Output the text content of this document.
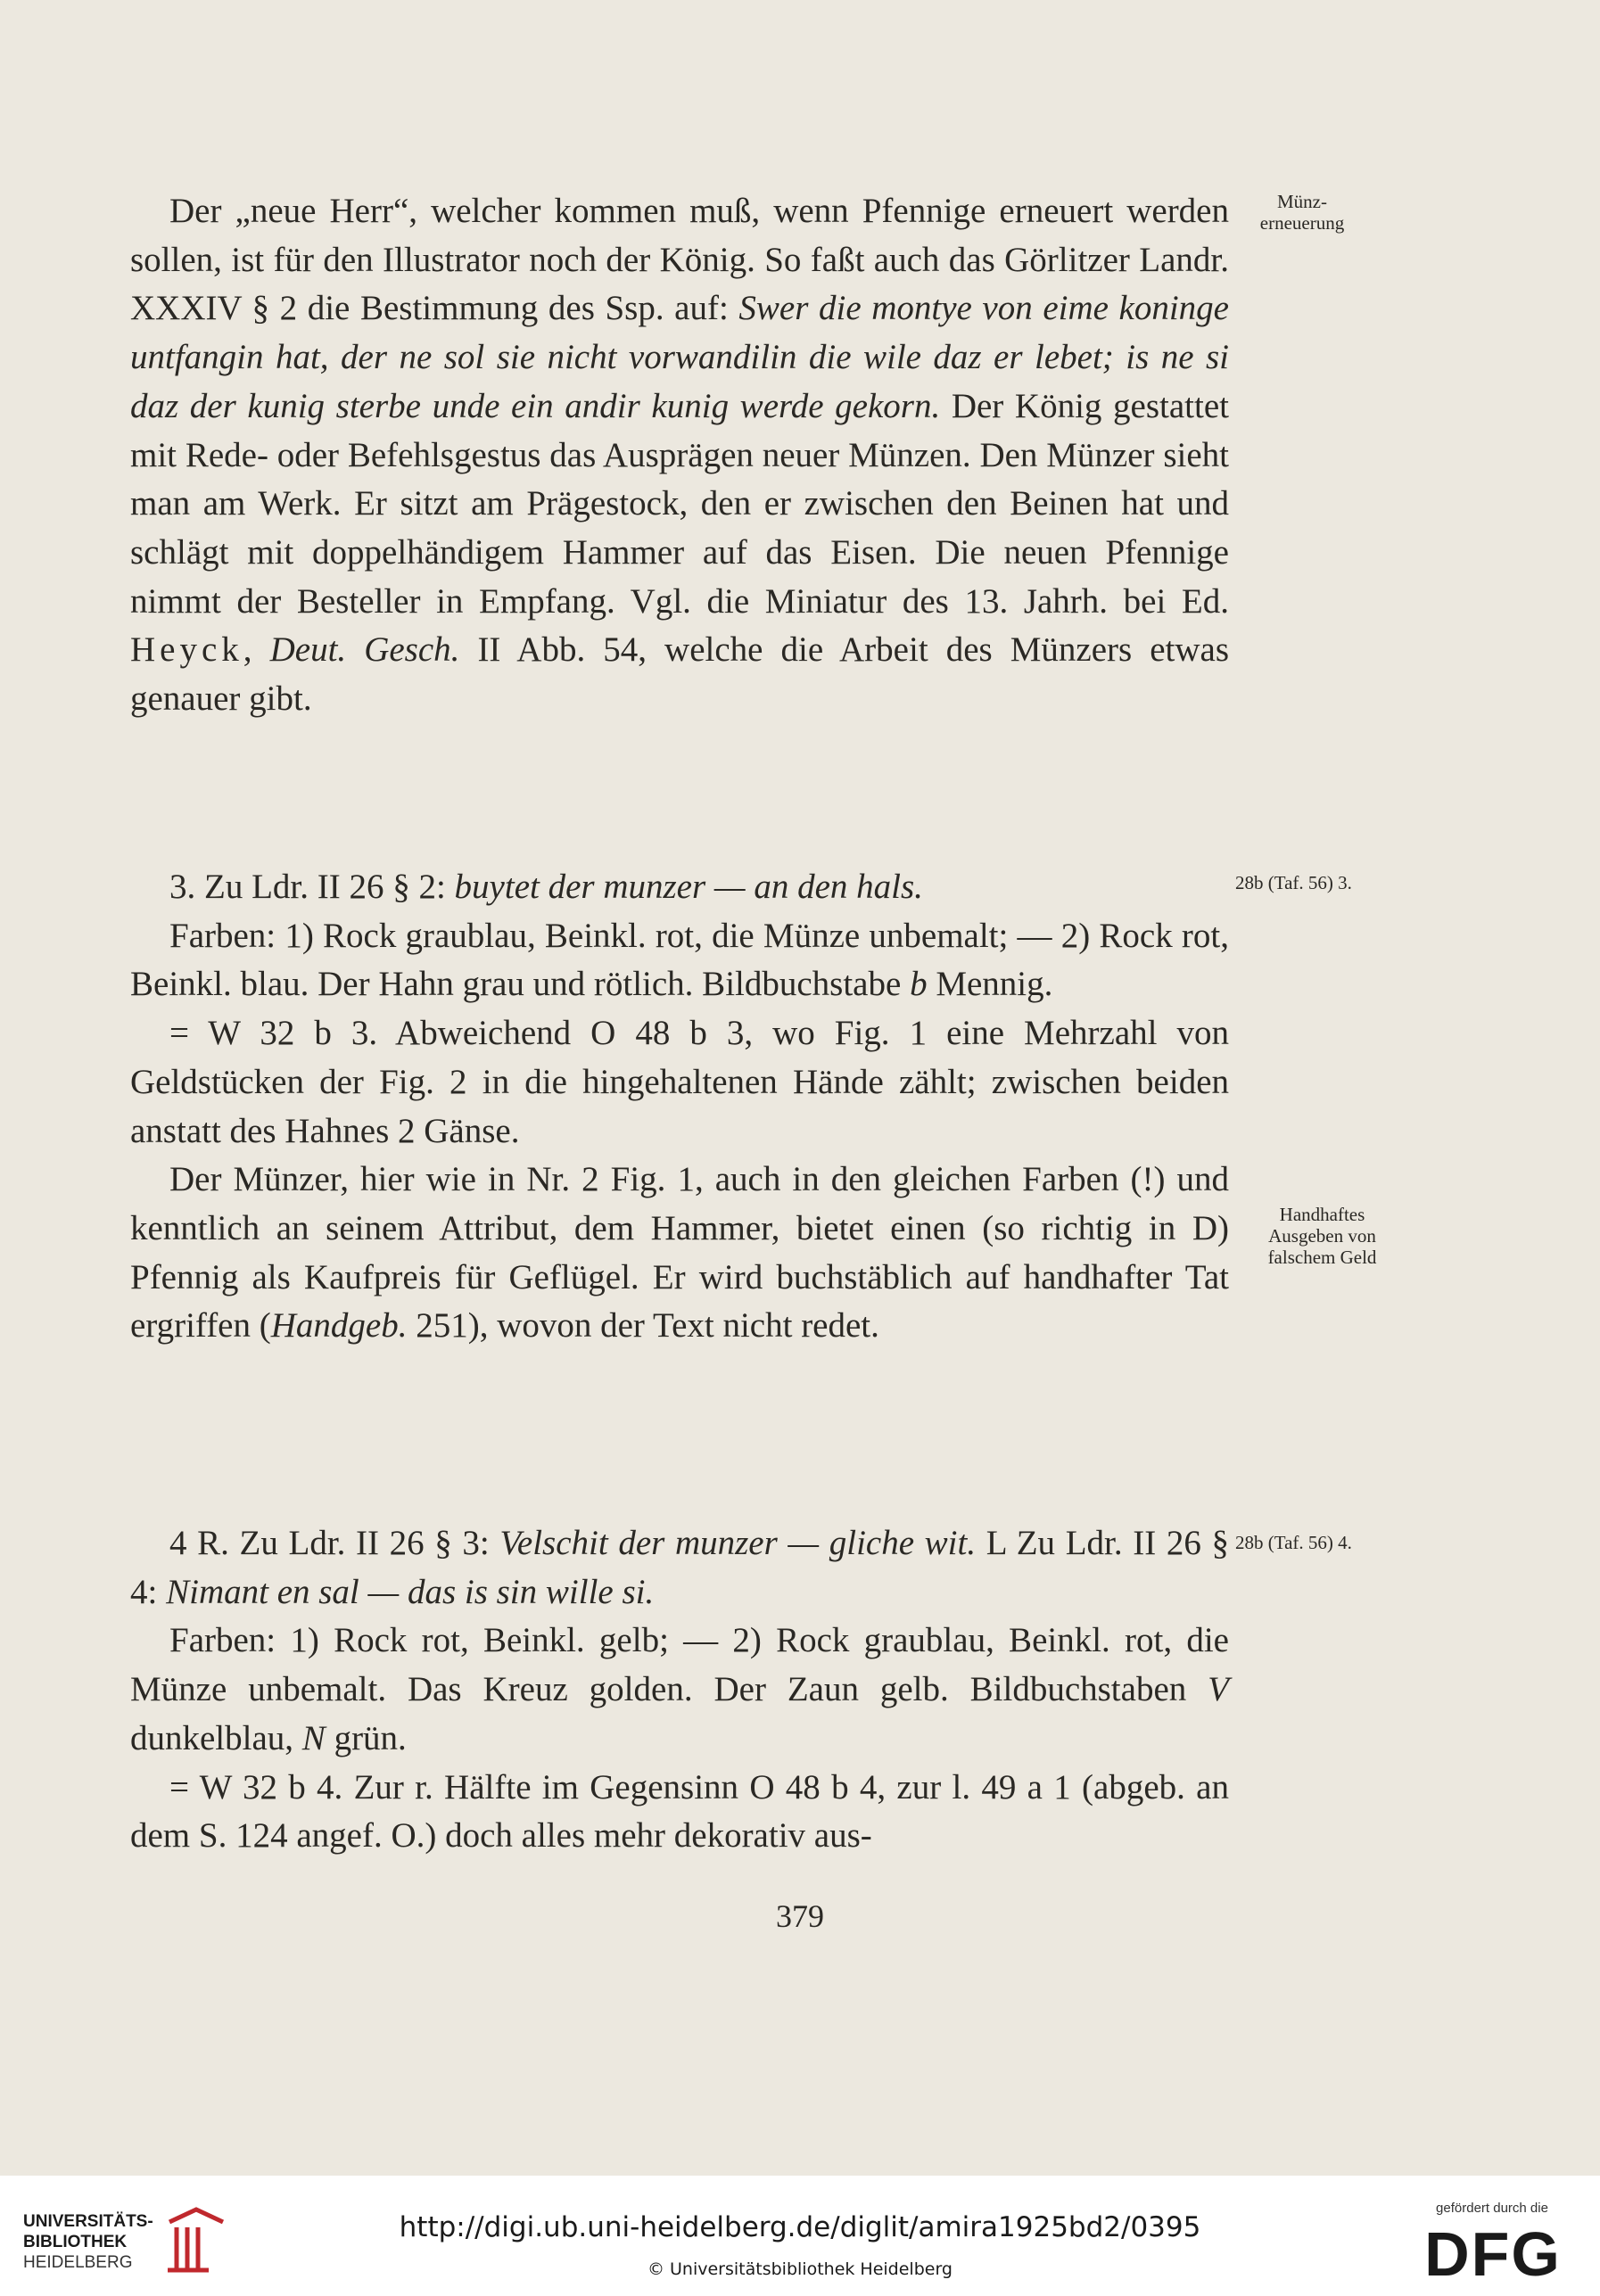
Münz-
erneuerung
28b (Taf. 56) 3.
Handhaftes
Ausgeben von
falschem Geld
28b (Taf. 56) 4.

Der „neue Herr“, welcher kommen muß, wenn Pfennige erneuert werden sollen, ist für den Illustrator noch der König. So faßt auch das Görlitzer Landr. XXXIV § 2 die Bestimmung des Ssp. auf: Swer die montye von eime koninge untfangin hat, der ne sol sie nicht vorwandilin die wile daz er lebet; is ne si daz der kunig sterbe unde ein andir kunig werde gekorn. Der König gestattet mit Rede- oder Befehlsgestus das Ausprägen neuer Münzen. Den Münzer sieht man am Werk. Er sitzt am Prägestock, den er zwischen den Beinen hat und schlägt mit doppelhändigem Hammer auf das Eisen. Die neuen Pfennige nimmt der Besteller in Empfang. Vgl. die Miniatur des 13. Jahrh. bei Ed. Heyck, Deut. Gesch. II Abb. 54, welche die Arbeit des Münzers etwas genauer gibt.

3. Zu Ldr. II 26 § 2: buytet der munzer — an den hals.

Farben: 1) Rock graublau, Beinkl. rot, die Münze unbemalt; — 2) Rock rot, Beinkl. blau. Der Hahn grau und rötlich. Bildbuchstabe b Mennig.

= W 32 b 3. Abweichend O 48 b 3, wo Fig. 1 eine Mehrzahl von Geldstücken der Fig. 2 in die hingehaltenen Hände zählt; zwischen beiden anstatt des Hahnes 2 Gänse.

Der Münzer, hier wie in Nr. 2 Fig. 1, auch in den gleichen Farben (!) und kenntlich an seinem Attribut, dem Hammer, bietet einen (so richtig in D) Pfennig als Kaufpreis für Geflügel. Er wird buchstäblich auf handhafter Tat ergriffen (Handgeb. 251), wovon der Text nicht redet.

4 R. Zu Ldr. II 26 § 3: Velschit der munzer — gliche wit. L Zu Ldr. II 26 § 4: Nimant en sal — das is sin wille si.

Farben: 1) Rock rot, Beinkl. gelb; — 2) Rock graublau, Beinkl. rot, die Münze unbemalt. Das Kreuz golden. Der Zaun gelb. Bildbuchstaben V dunkelblau, N grün.

= W 32 b 4. Zur r. Hälfte im Gegensinn O 48 b 4, zur l. 49 a 1 (abgeb. an dem S. 124 angef. O.) doch alles mehr dekorativ aus-

379
UNIVERSITÄTS-
BIBLIOTHEK
HEIDELBERG
http://digi.ub.uni-heidelberg.de/diglit/amira1925bd2/0395
© Universitätsbibliothek Heidelberg
gefördert durch die
DFG
